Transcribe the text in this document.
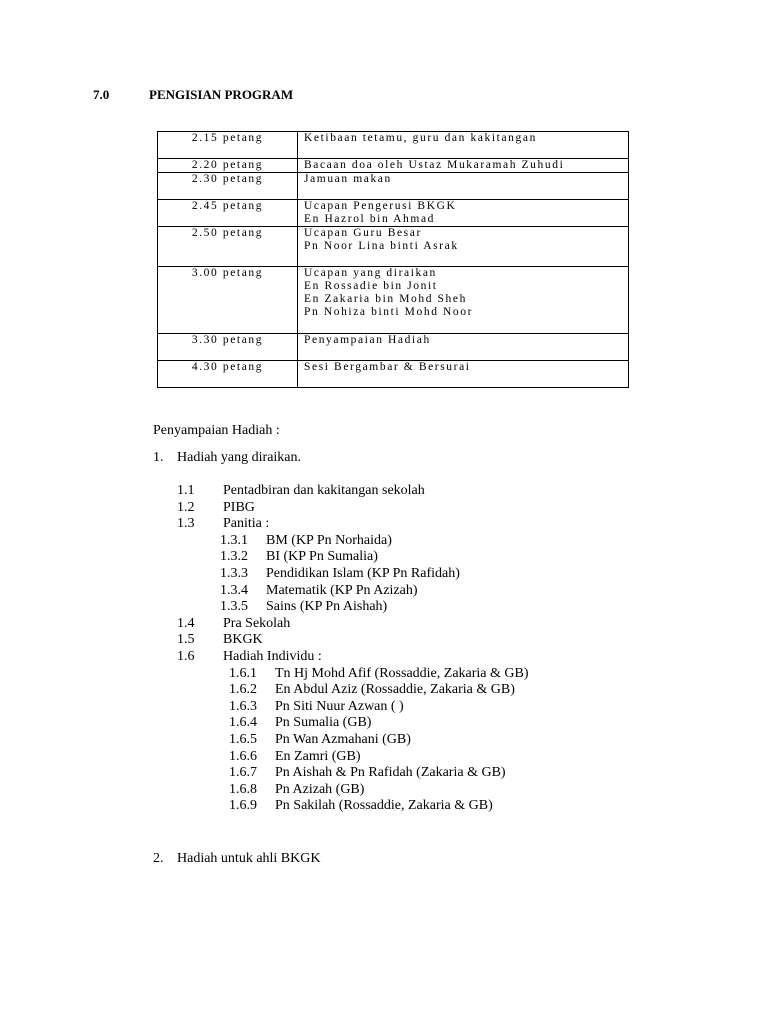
7.0	PENGISIAN PROGRAM
2.15 petang	Ketibaan tetamu, guru dan kakitangan

2.20 petang	Bacaan doa oleh Ustaz Mukaramah Zuhudi

2.30 petang	Jamuan makan

2.45 petang	Ucapan Pengerusi BKGK
En Hazrol bin Ahmad

2.50 petang	Ucapan Guru Besar
Pn Noor Lina binti Asrak

3.00 petang	Ucapan yang diraikan
En Rossadie bin Jonit
En Zakaria bin Mohd Sheh
Pn Nohiza binti Mohd Noor

3.30 petang	Penyampaian Hadiah

4.30 petang	Sesi Bergambar & Bersurai
Penyampaian Hadiah :
1. Hadiah yang diraikan.
1.1 Pentadbiran dan kakitangan sekolah
1.2 PIBG
1.3 Panitia :
1.3.1 BM (KP Pn Norhaida)
1.3.2 BI (KP Pn Sumalia)
1.3.3 Pendidikan Islam (KP Pn Rafidah)
1.3.4 Matematik (KP Pn Azizah)
1.3.5 Sains (KP Pn Aishah)
1.4 Pra Sekolah
1.5 BKGK
1.6 Hadiah Individu :
1.6.1 Tn Hj Mohd Afif (Rossaddie, Zakaria & GB)
1.6.2 En Abdul Aziz (Rossaddie, Zakaria & GB)
1.6.3 Pn Siti Nuur Azwan ( )
1.6.4 Pn Sumalia (GB)
1.6.5 Pn Wan Azmahani (GB)
1.6.6 En Zamri (GB)
1.6.7 Pn Aishah & Pn Rafidah (Zakaria & GB)
1.6.8 Pn Azizah (GB)
1.6.9 Pn Sakilah (Rossaddie, Zakaria & GB)
2. Hadiah untuk ahli BKGK
